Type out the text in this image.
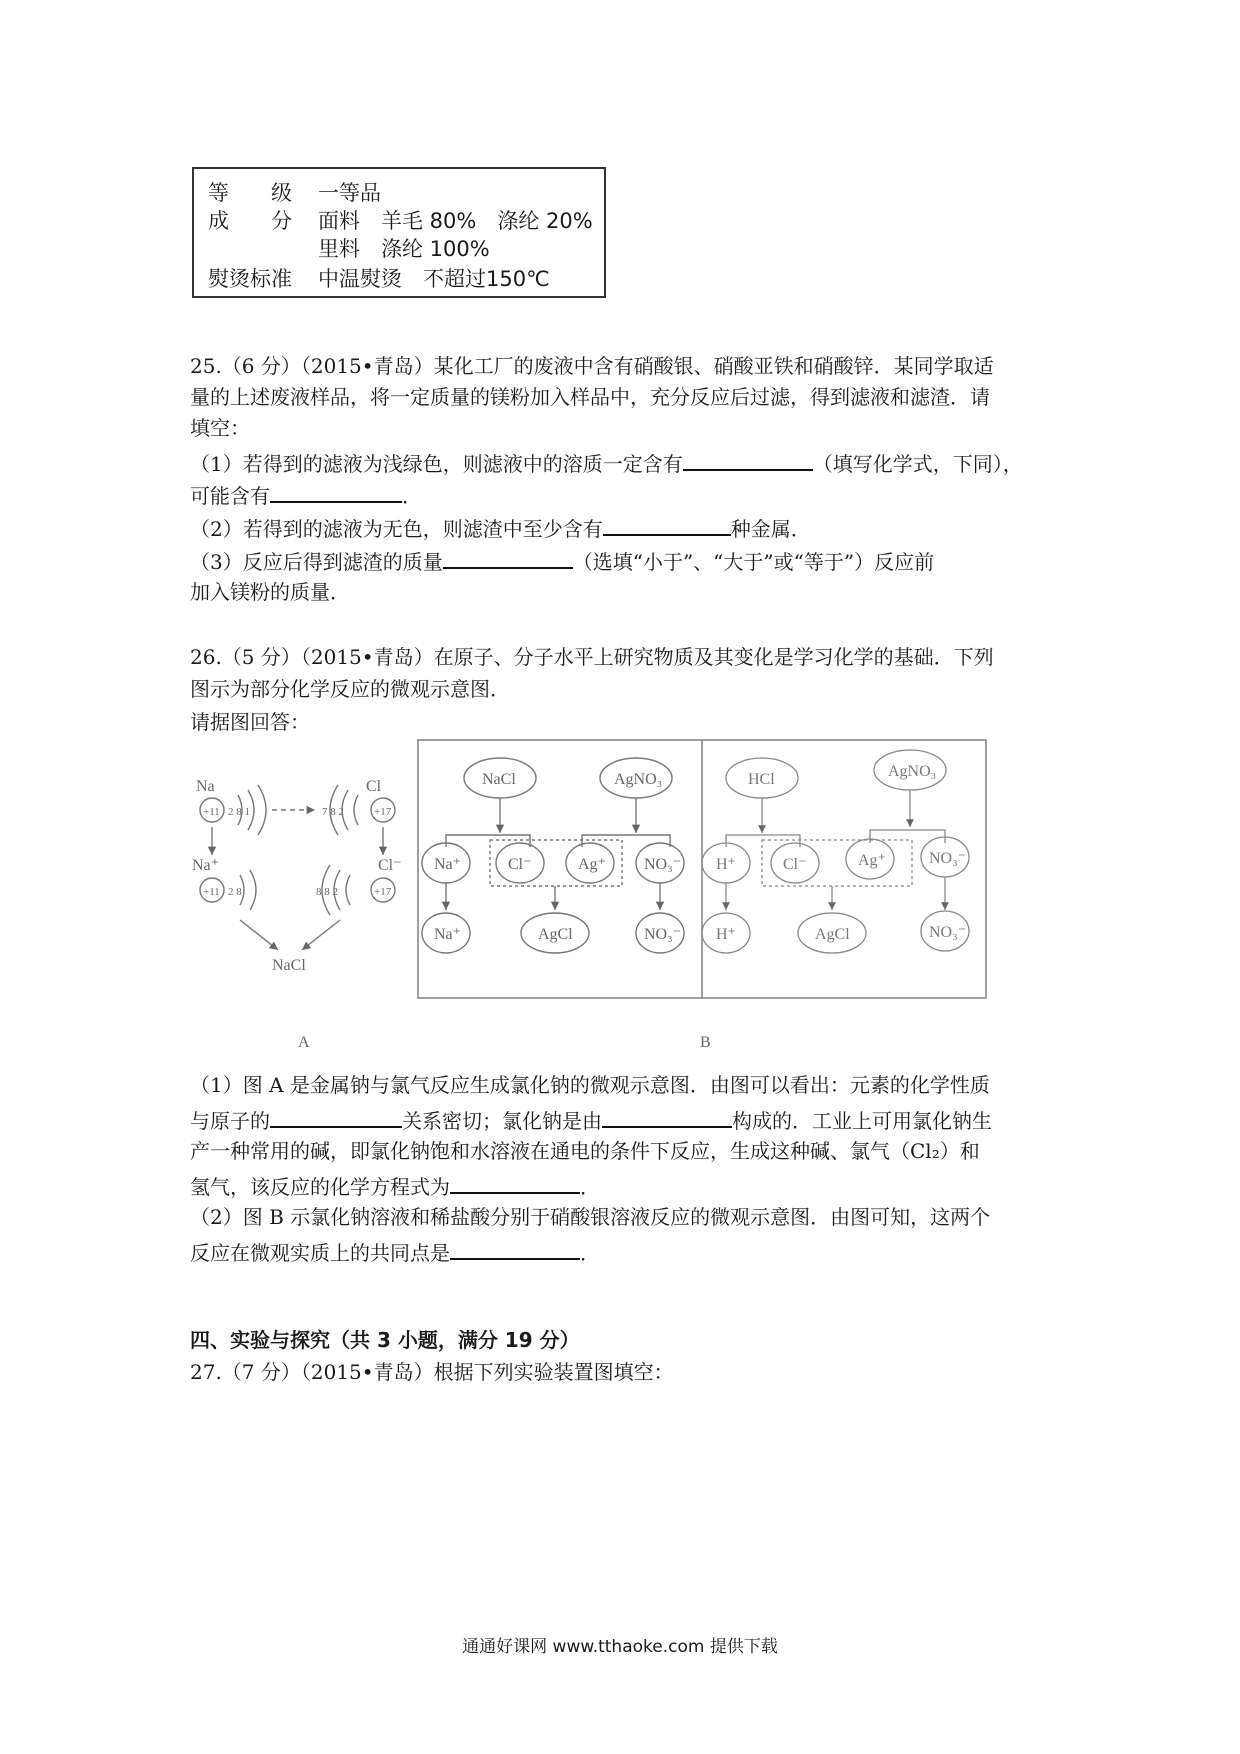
等　　级 一等品
成　　分 面料　羊毛 80%　涤纶 20%
里料　涤纶 100%
熨烫标准 中温熨烫　不超过150℃
25.（6 分）（2015•青岛）某化工厂的废液中含有硝酸银、硝酸亚铁和硝酸锌．某同学取适
量的上述废液样品，将一定质量的镁粉加入样品中，充分反应后过滤，得到滤液和滤渣．请
填空：
（1）若得到的滤液为浅绿色，则滤液中的溶质一定含有	（填写化学式，下同），
可能含有	．
（2）若得到的滤液为无色，则滤渣中至少含有	种金属．
（3）反应后得到滤渣的质量	（选填“小于”、“大于”或“等于”）反应前
加入镁粉的质量．
26.（5 分）（2015•青岛）在原子、分子水平上研究物质及其变化是学习化学的基础．下列
图示为部分化学反应的微观示意图．
请据图回答：
Na
+11 2 8 1	7 8 2	+17
Cl
Na⁺
+11 2 8	8 8 2	+17
Cl⁻
NaCl
A	B
NaCl	AgNO₃
Na⁺	Cl⁻	Ag⁺ NO₃⁻
Na⁺	AgCl	NO₃⁻
HCl	AgNO₃
H⁺	Cl⁻	Ag⁺	NO₃⁻
H⁺	AgCl	NO₃⁻
（1）图 A 是金属钠与氯气反应生成氯化钠的微观示意图．由图可以看出：元素的化学性质
与原子的	关系密切；氯化钠是由	构成的．工业上可用氯化钠生
产一种常用的碱，即氯化钠饱和水溶液在通电的条件下反应，生成这种碱、氯气（Cl₂）和
氢气，该反应的化学方程式为	．
（2）图 B 示氯化钠溶液和稀盐酸分别于硝酸银溶液反应的微观示意图．由图可知，这两个
反应在微观实质上的共同点是	．
四、实验与探究（共 3 小题，满分 19 分）
27.（7 分）（2015•青岛）根据下列实验装置图填空：
通通好课网 www.tthaoke.com 提供下载
